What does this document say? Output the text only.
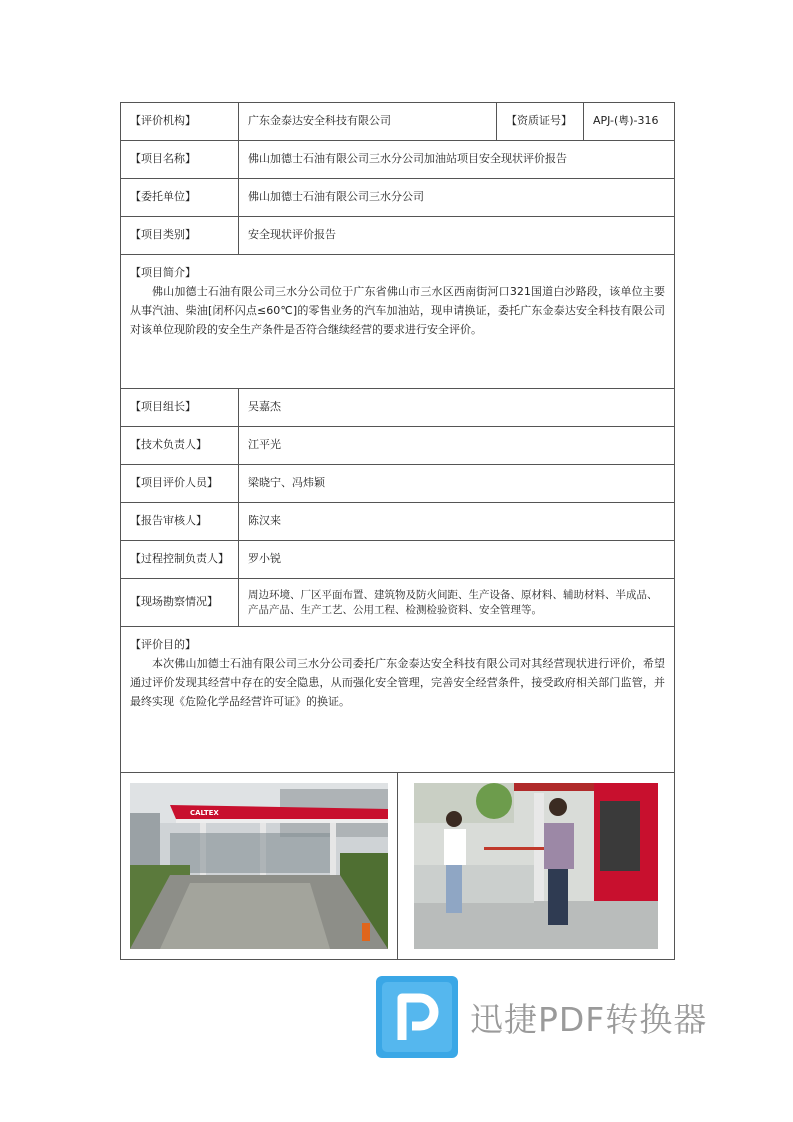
【评价机构】	广东金泰达安全科技有限公司	【资质证号】	APJ-(粤)-316
【项目名称】	佛山加德士石油有限公司三水分公司加油站项目安全现状评价报告
【委托单位】	佛山加德士石油有限公司三水分公司
【项目类别】	安全现状评价报告
【项目简介】

佛山加德士石油有限公司三水分公司位于广东省佛山市三水区西南街河口321国道白沙路段，该单位主要从事汽油、柴油[闭杯闪点≤60℃]的零售业务的汽车加油站，现申请换证，委托广东金泰达安全科技有限公司对该单位现阶段的安全生产条件是否符合继续经营的要求进行安全评价。

【项目组长】	吴嘉杰
【技术负责人】	江平光
【项目评价人员】	梁晓宁、冯炜颖
【报告审核人】	陈汉来
【过程控制负责人】	罗小锐
【现场勘察情况】	周边环境、厂区平面布置、建筑物及防火间距、生产设备、原材料、辅助材料、半成品、产品产品、生产工艺、公用工程、检测检验资料、安全管理等。
【评价目的】

本次佛山加德士石油有限公司三水分公司委托广东金泰达安全科技有限公司对其经营现状进行评价，希望通过评价发现其经营中存在的安全隐患，从而强化安全管理，完善安全经营条件，接受政府相关部门监管，并最终实现《危险化学品经营许可证》的换证。

CALTEX
迅捷PDF转换器
